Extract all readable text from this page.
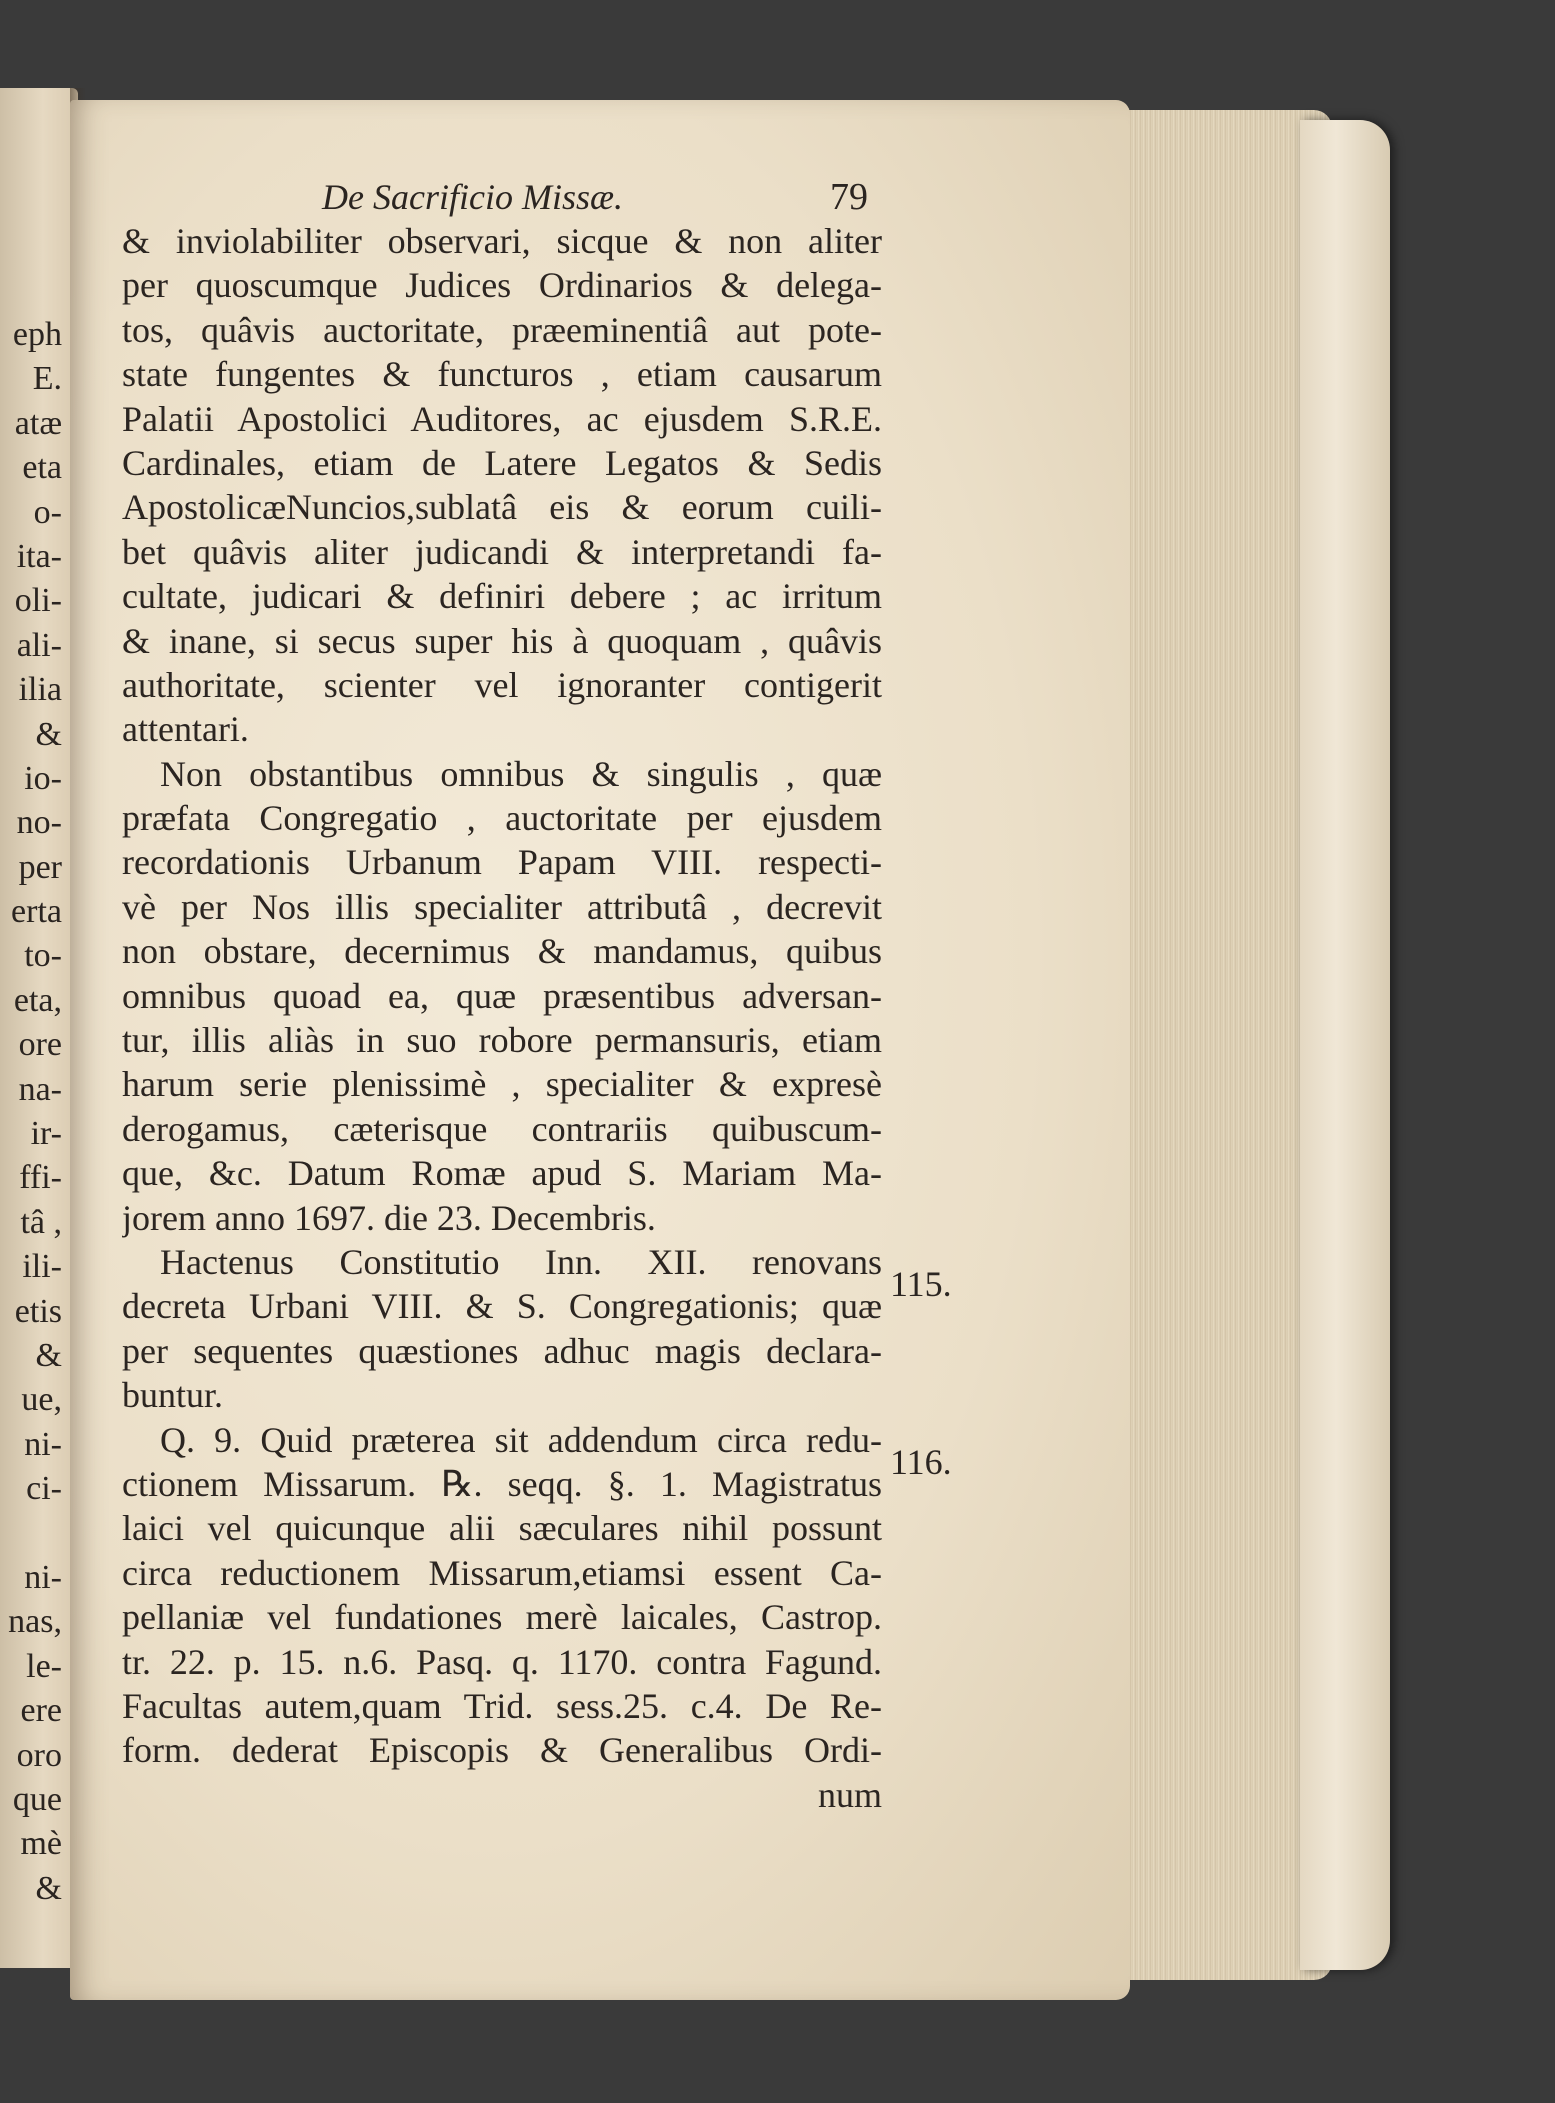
eph
E.
atæ
eta
o-
ita-
oli-
ali-
ilia
&
io-
no-
per
erta
to-
eta,
ore
na-
ir-
ffi-
tâ ,
ili-
etis
&
ue,
ni-
ci-
ni-
nas,
le-
ere
oro
que
mè
&
De Sacrificio Missæ.	79
& inviolabiliter observari, sicque & non aliter
per quoscumque Judices Ordinarios & delega-
tos, quâvis auctoritate, præeminentiâ aut pote-
state fungentes & functuros , etiam causarum
Palatii Apostolici Auditores, ac ejusdem S.R.E.
Cardinales, etiam de Latere Legatos & Sedis
ApostolicæNuncios,sublatâ eis & eorum cuili-
bet quâvis aliter judicandi & interpretandi fa-
cultate, judicari & definiri debere ; ac irritum
& inane, si secus super his à quoquam , quâvis
authoritate, scienter vel ignoranter contigerit
attentari.
Non obstantibus omnibus & singulis , quæ
præfata Congregatio , auctoritate per ejusdem
recordationis Urbanum Papam VIII. respecti-
vè per Nos illis specialiter attributâ , decrevit
non obstare, decernimus & mandamus, quibus
omnibus quoad ea, quæ præsentibus adversan-
tur, illis aliàs in suo robore permansuris, etiam
harum serie plenissimè , specialiter & expresè
derogamus, cæterisque contrariis quibuscum-
que, &c. Datum Romæ apud S. Mariam Ma-
jorem anno 1697. die 23. Decembris.
Hactenus Constitutio Inn. XII. renovans
decreta Urbani VIII. & S. Congregationis; quæ
per sequentes quæstiones adhuc magis declara-
buntur.
Q. 9. Quid præterea sit addendum circa redu-
ctionem Missarum. ℞. seqq. §. 1. Magistratus
laici vel quicunque alii sæculares nihil possunt
circa reductionem Missarum,etiamsi essent Ca-
pellaniæ vel fundationes merè laicales, Castrop.
tr. 22. p. 15. n.6. Pasq. q. 1170. contra Fagund.
Facultas autem,quam Trid. sess.25. c.4. De Re-
form. dederat Episcopis & Generalibus Ordi-
num
115.
116.
